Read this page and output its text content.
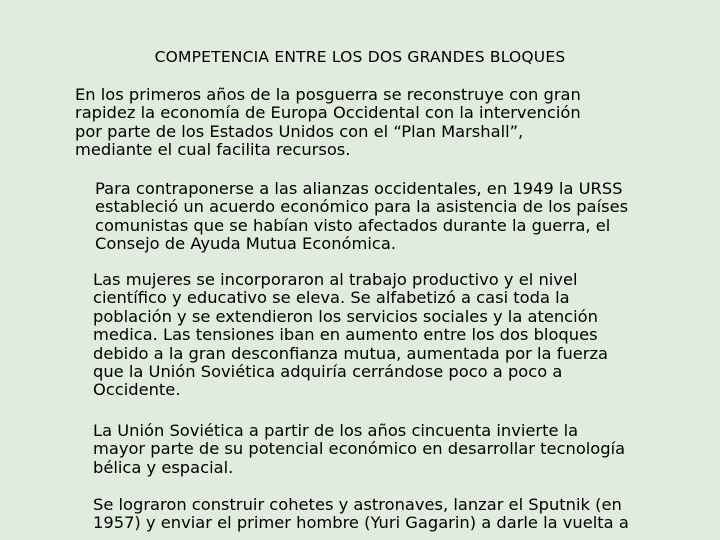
COMPETENCIA ENTRE LOS DOS GRANDES BLOQUES

En los primeros años de la posguerra se reconstruye con gran
rapidez la economía de Europa Occidental con la intervención
por parte de los Estados Unidos con el “Plan Marshall”,
mediante el cual facilita recursos.

Para contraponerse a las alianzas occidentales, en 1949 la URSS
estableció un acuerdo económico para la asistencia de los países
comunistas que se habían visto afectados durante la guerra, el
Consejo de Ayuda Mutua Económica.

Las mujeres se incorporaron al trabajo productivo y el nivel
científico y educativo se eleva. Se alfabetizó a casi toda la
población y se extendieron los servicios sociales y la atención
medica. Las tensiones iban en aumento entre los dos bloques
debido a la gran desconfianza mutua, aumentada por la fuerza
que la Unión Soviética adquiría cerrándose poco a poco a
Occidente.

La Unión Soviética a partir de los años cincuenta invierte la
mayor parte de su potencial económico en desarrollar tecnología
bélica y espacial.

Se lograron construir cohetes y astronaves, lanzar el Sputnik (en
1957) y enviar el primer hombre (Yuri Gagarin) a darle la vuelta a
